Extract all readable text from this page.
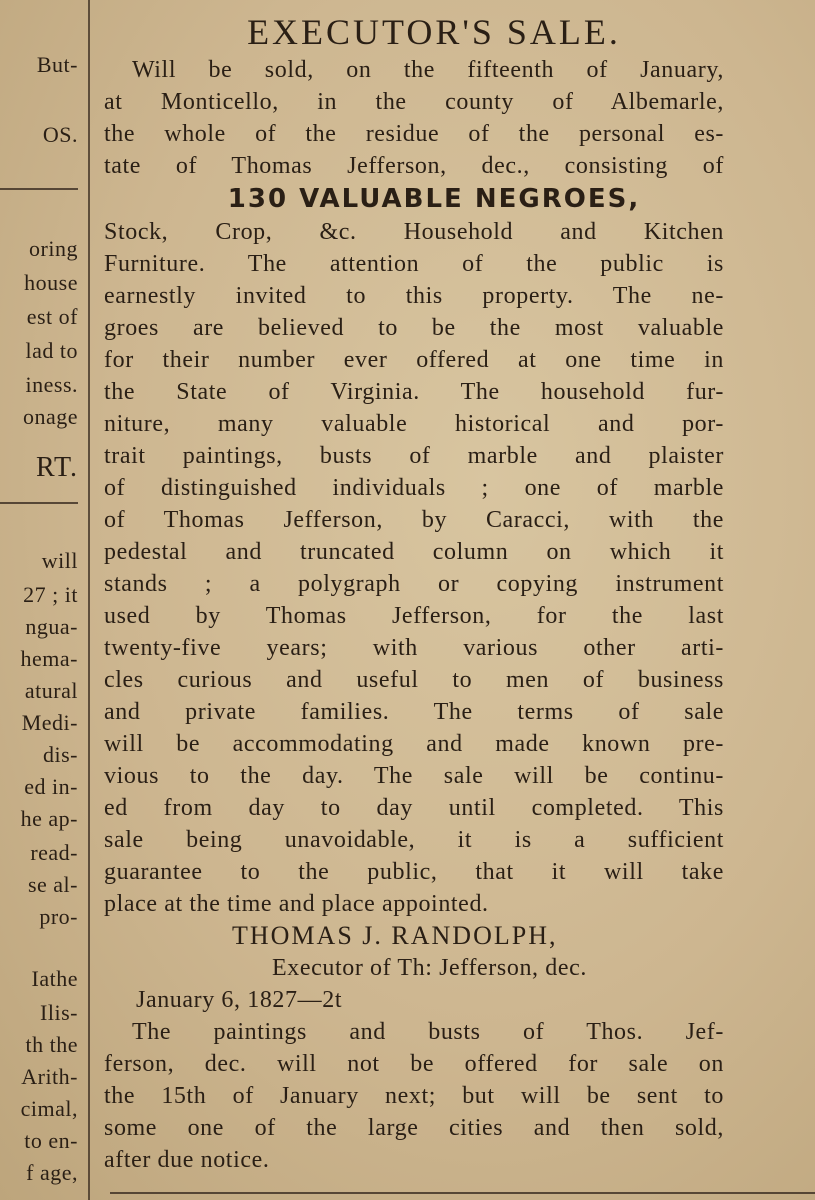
But-
OS.
oring
house
est of
lad to
iness.
onage
RT.
will
27 ; it
ngua-
hema-
atural
Medi-
dis-
ed in-
he ap-
read-
se al-
pro-
Iathe
Ilis-
th the
Arith-
cimal,
to en-
f age,
EXECUTOR'S SALE.
Will be sold, on the fifteenth of January,
at Monticello, in the county of Albemarle,
the whole of the residue of the personal es-
tate of Thomas Jefferson, dec., consisting of
130 VALUABLE NEGROES,
Stock, Crop, &c. Household and Kitchen
Furniture. The attention of the public is
earnestly invited to this property. The ne-
groes are believed to be the most valuable
for their number ever offered at one time in
the State of Virginia. The household fur-
niture, many valuable historical and por-
trait paintings, busts of marble and plaister
of distinguished individuals ; one of marble
of Thomas Jefferson, by Caracci, with the
pedestal and truncated column on which it
stands ; a polygraph or copying instrument
used by Thomas Jefferson, for the last
twenty-five years; with various other arti-
cles curious and useful to men of business
and private families. The terms of sale
will be accommodating and made known pre-
vious to the day. The sale will be continu-
ed from day to day until completed. This
sale being unavoidable, it is a sufficient
guarantee to the public, that it will take
place at the time and place appointed.
THOMAS J. RANDOLPH,
Executor of Th: Jefferson, dec.
January 6, 1827—2t
The paintings and busts of Thos. Jef-
ferson, dec. will not be offered for sale on
the 15th of January next; but will be sent to
some one of the large cities and then sold,
after due notice.
